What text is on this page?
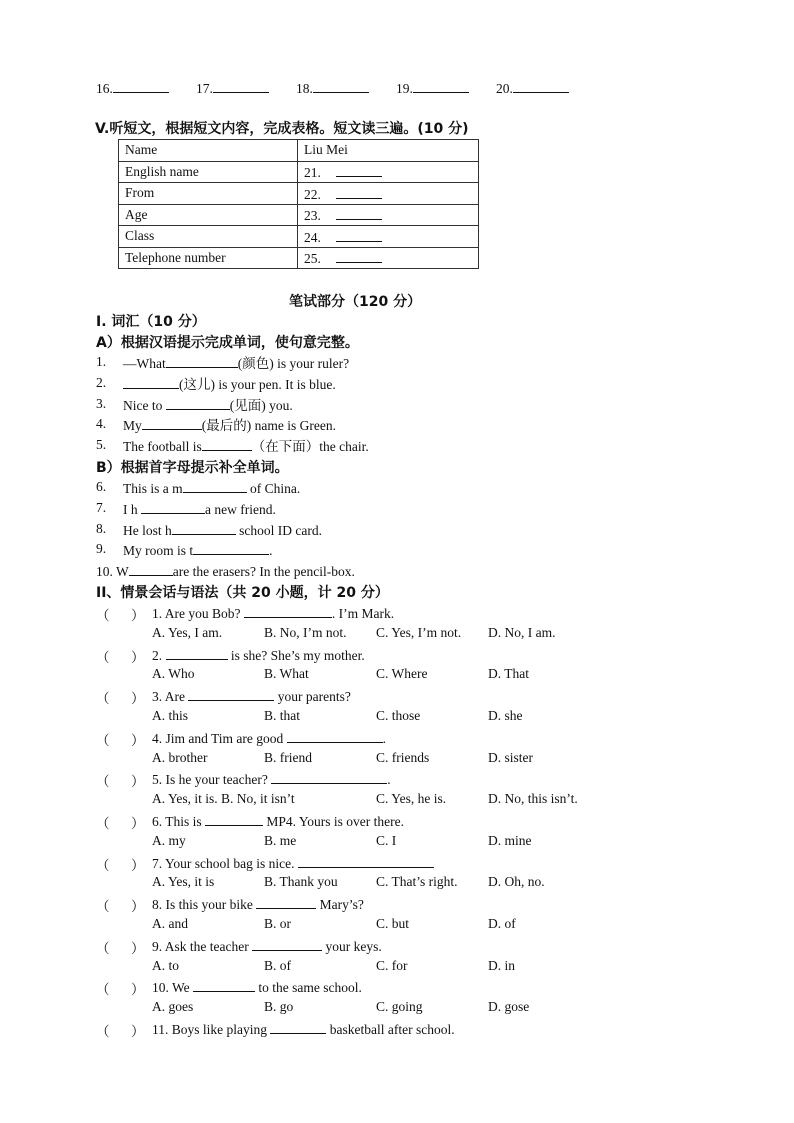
16.	17.	18.	19.	20.
V.听短文，根据短文内容，完成表格。短文读三遍。(10 分)
Name	Liu Mei
English name	21.
From	22.
Age	23.
Class	24.
Telephone number	25.
笔试部分（120 分）
I. 词汇（10 分）
A）根据汉语提示完成单词，使句意完整。
1. —What	(颜色) is your ruler?
2.	(这儿) is your pen. It is blue.
3. Nice to	(见面) you.
4. My	(最后的) name is Green.
5. The football is	（在下面）the chair.
B）根据首字母提示补全单词。
6. This is a m	of China.
7. I h	a new friend.
8. He lost h	school ID card.
9. My room is t	.
10. W	are the erasers? In the pencil-box.
II、情景会话与语法（共 20 小题，计 20 分）
（ ） 1. Are you Bob?	. I’m Mark.
A. Yes, I am.	B. No, I’m not. C. Yes, I’m not. D. No, I am.
（ ） 2.	is she? She’s my mother.
A. Who	B. What	C. Where	D. That
（ ） 3. Are	your parents?
A. this	B. that	C. those	D. she
（ ） 4. Jim and Tim are good	.
A. brother	B. friend	C. friends	D. sister
（ ） 5. Is he your teacher?	.
A. Yes, it is. B. No, it isn’t	C. Yes, he is.	D. No, this isn’t.
（ ） 6. This is	MP4. Yours is over there.
A. my	B. me	C. I	D. mine
（ ） 7. Your school bag is nice.
A. Yes, it is	B. Thank you	C. That’s right. D. Oh, no.
（ ） 8. Is this your bike	Mary’s?
A. and	B. or	C. but	D. of
（ ） 9. Ask the teacher	your keys.
A. to	B. of	C. for	D. in
（ ） 10. We	to the same school.
A. goes	B. go	C. going	D. gose
（ ） 11. Boys like playing	basketball after school.
